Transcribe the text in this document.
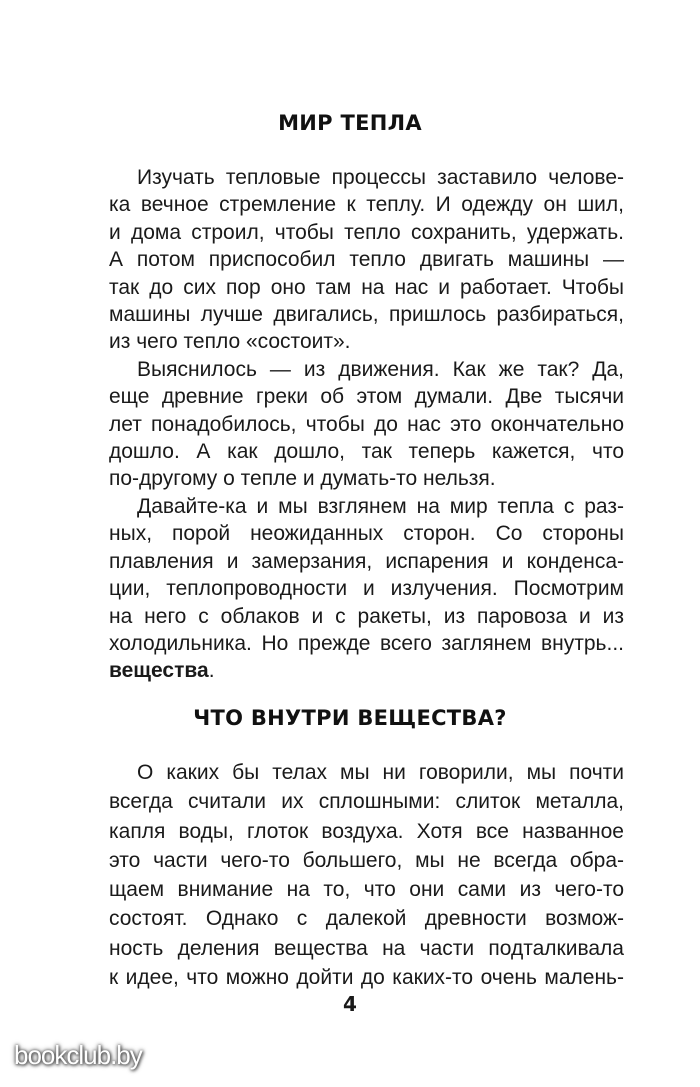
МИР ТЕПЛА
Изучать тепловые процессы заставило челове-
ка вечное стремление к теплу. И одежду он шил,
и дома строил, чтобы тепло сохранить, удержать.
А потом приспособил тепло двигать машины —
так до сих пор оно там на нас и работает. Чтобы
машины лучше двигались, пришлось разбираться,
из чего тепло «состоит».
Выяснилось — из движения. Как же так? Да,
еще древние греки об этом думали. Две тысячи
лет понадобилось, чтобы до нас это окончательно
дошло. А как дошло, так теперь кажется, что
по-другому о тепле и думать-то нельзя.
Давайте-ка и мы взглянем на мир тепла с раз-
ных, порой неожиданных сторон. Со стороны
плавления и замерзания, испарения и конденса-
ции, теплопроводности и излучения. Посмотрим
на него с облаков и с ракеты, из паровоза и из
холодильника. Но прежде всего заглянем внутрь...
вещества.
ЧТО ВНУТРИ ВЕЩЕСТВА?
О каких бы телах мы ни говорили, мы почти
всегда считали их сплошными: слиток металла,
капля воды, глоток воздуха. Хотя все названное
это части чего-то большего, мы не всегда обра-
щаем внимание на то, что они сами из чего-то
состоят. Однако с далекой древности возмож-
ность деления вещества на части подталкивала
к идее, что можно дойти до каких-то очень малень-
4
bookclub.by
